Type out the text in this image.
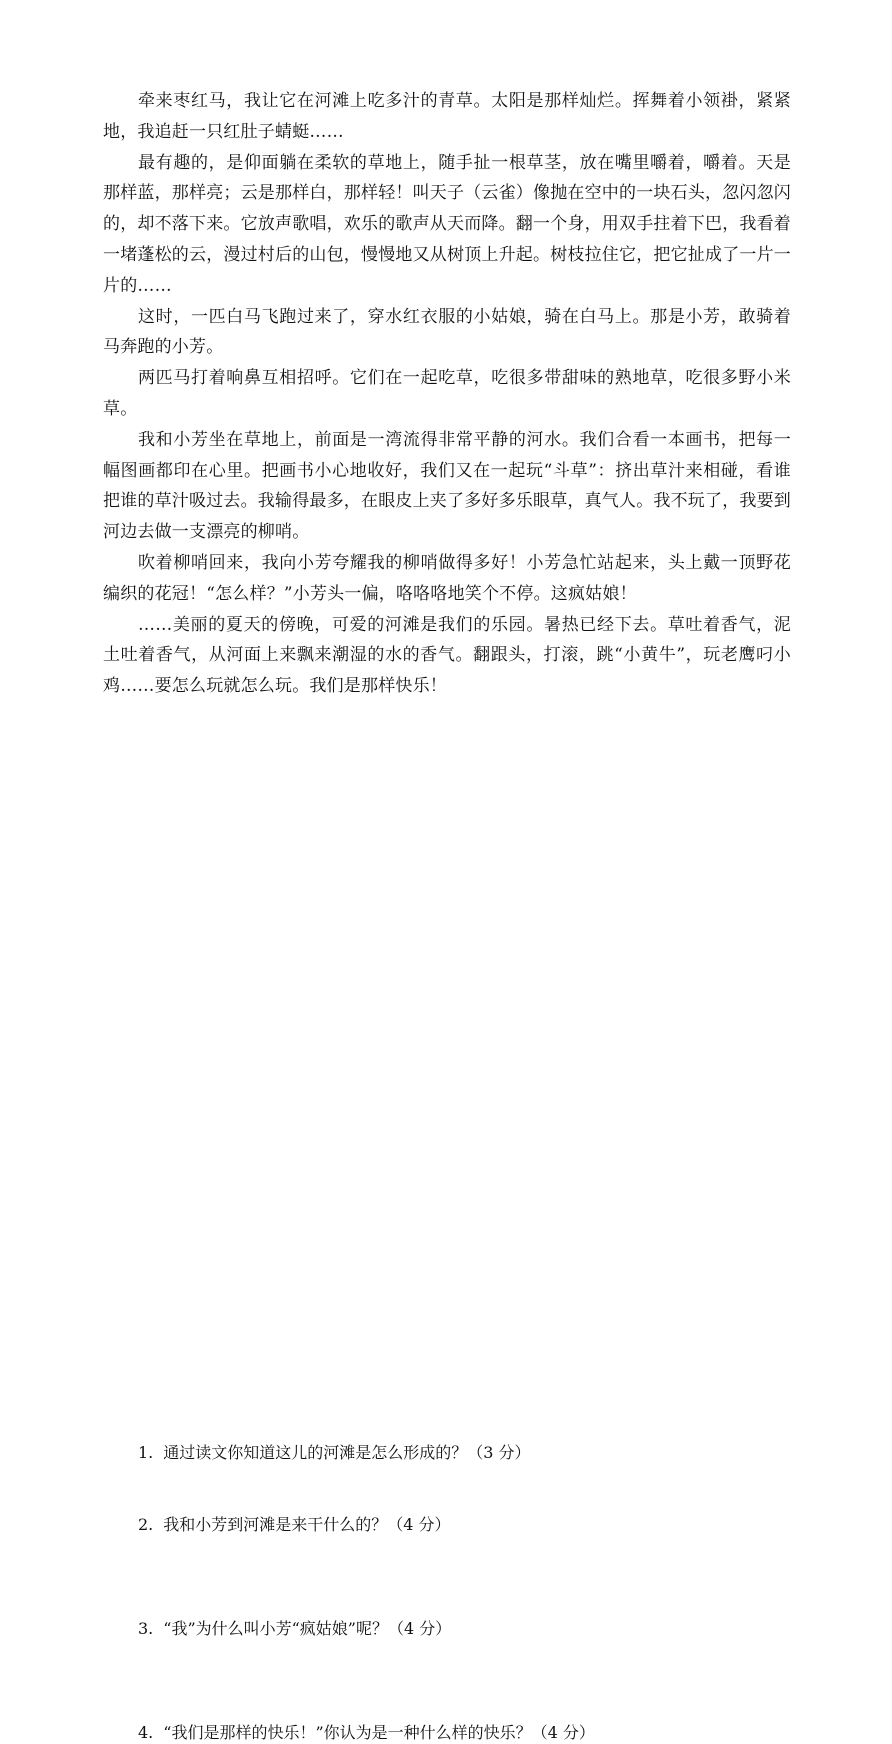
牵来枣红马，我让它在河滩上吃多汁的青草。太阳是那样灿烂。挥舞着小领褂，紧紧地，我追赶一只红肚子蜻蜓……

最有趣的，是仰面躺在柔软的草地上，随手扯一根草茎，放在嘴里嚼着，嚼着。天是那样蓝，那样亮；云是那样白，那样轻！叫天子（云雀）像抛在空中的一块石头，忽闪忽闪的，却不落下来。它放声歌唱，欢乐的歌声从天而降。翻一个身，用双手拄着下巴，我看着一堵蓬松的云，漫过村后的山包，慢慢地又从树顶上升起。树枝拉住它，把它扯成了一片一片的……

这时，一匹白马飞跑过来了，穿水红衣服的小姑娘，骑在白马上。那是小芳，敢骑着马奔跑的小芳。

两匹马打着响鼻互相招呼。它们在一起吃草，吃很多带甜味的熟地草，吃很多野小米草。

我和小芳坐在草地上，前面是一湾流得非常平静的河水。我们合看一本画书，把每一幅图画都印在心里。把画书小心地收好，我们又在一起玩“斗草”：挤出草汁来相碰，看谁把谁的草汁吸过去。我输得最多，在眼皮上夹了多好多乐眼草，真气人。我不玩了，我要到河边去做一支漂亮的柳哨。

吹着柳哨回来，我向小芳夸耀我的柳哨做得多好！小芳急忙站起来，头上戴一顶野花编织的花冠！“怎么样？”小芳头一偏，咯咯咯地笑个不停。这疯姑娘！

……美丽的夏天的傍晚，可爱的河滩是我们的乐园。暑热已经下去。草吐着香气，泥土吐着香气，从河面上来飘来潮湿的水的香气。翻跟头，打滚，跳“小黄牛”，玩老鹰叼小鸡……要怎么玩就怎么玩。我们是那样快乐！

1. 通过读文你知道这儿的河滩是怎么形成的？（3 分）
2. 我和小芳到河滩是来干什么的？（4 分）
3. “我”为什么叫小芳“疯姑娘”呢？（4 分）
4. “我们是那样的快乐！”你认为是一种什么样的快乐？（4 分）
